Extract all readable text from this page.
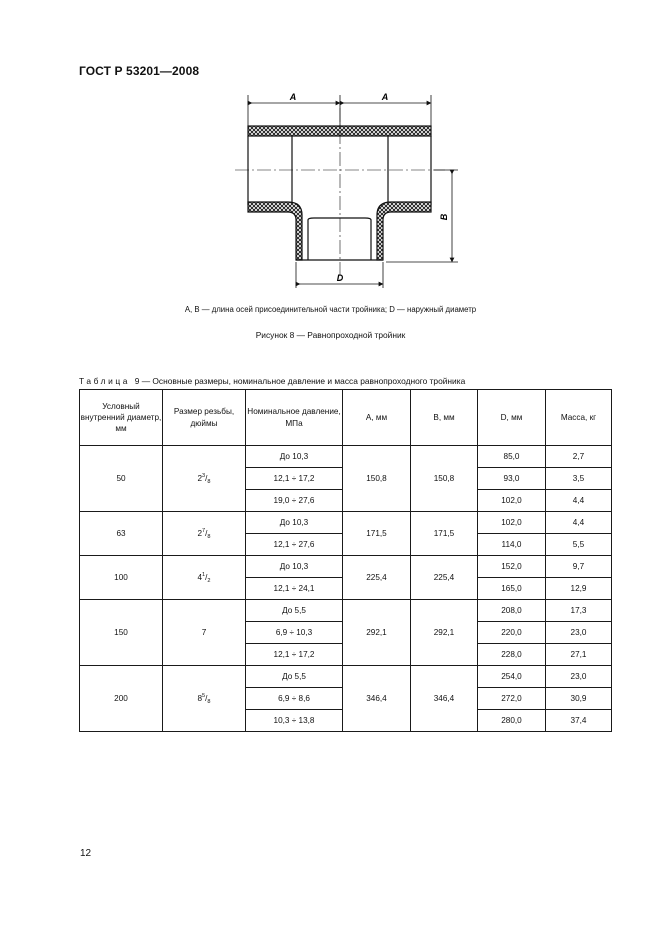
ГОСТ Р 53201—2008
A	A
B
D
A, B — длина осей присоединительной части тройника; D — наружный диаметр
Рисунок 8 — Равнопроходной тройник
Таблица 9 — Основные размеры, номинальное давление и масса равнопроходного тройника
Условный внутренний диаметр, мм	Размер резьбы, дюймы	Номинальное давление, МПа	A, мм	B, мм	D, мм	Масса, кг
50	$2^3/_8$	До 10,3	150,8	150,8	85,0	2,7
		12,1 ÷ 17,2			93,0	3,5
		19,0 ÷ 27,6			102,0	4,4
63	$2^7/_8$	До 10,3	171,5	171,5	102,0	4,4
		12,1 ÷ 27,6			114,0	5,5
100	$4^1/_2$	До 10,3	225,4	225,4	152,0	9,7
		12,1 ÷ 24,1			165,0	12,9
150	7	До 5,5	292,1	292,1	208,0	17,3
		6,9 ÷ 10,3			220,0	23,0
		12,1 ÷ 17,2			228,0	27,1
200	$8^5/_8$	До 5,5	346,4	346,4	254,0	23,0
		6,9 ÷ 8,6			272,0	30,9
		10,3 ÷ 13,8			280,0	37,4
12
